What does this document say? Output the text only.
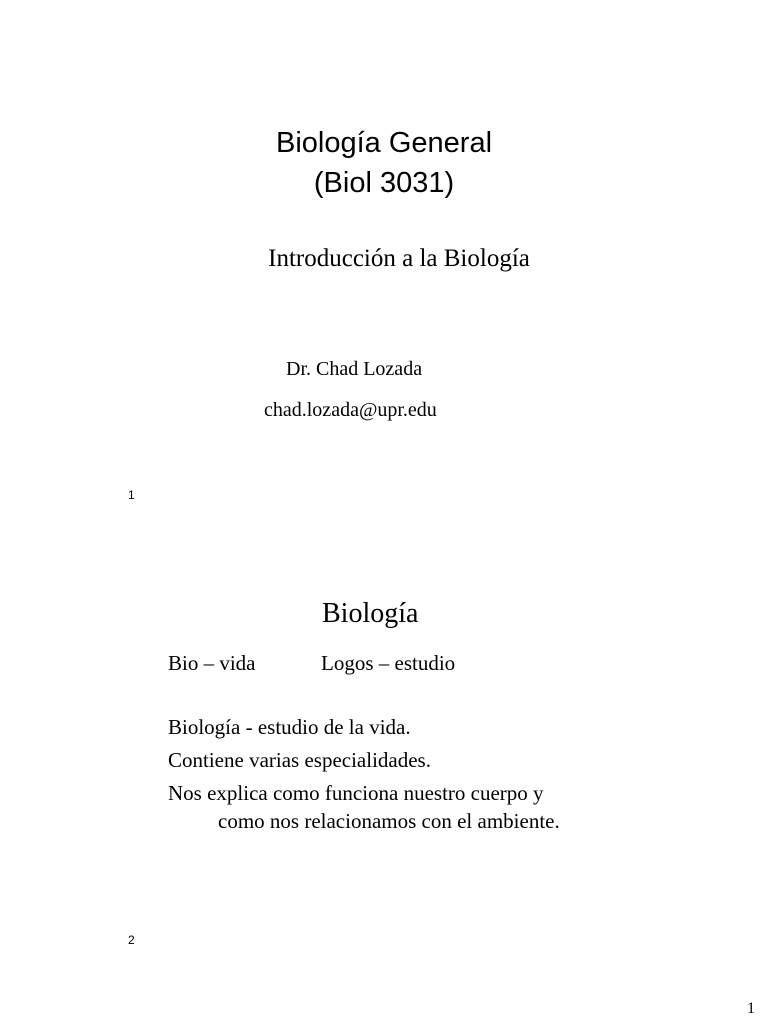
Biología General
(Biol 3031)
Introducción a la Biología
Dr. Chad Lozada
chad.lozada@upr.edu
1
Biología
Bio – vida	Logos – estudio
Biología - estudio de la vida.
Contiene varias especialidades.
Nos explica como funciona nuestro cuerpo y
como nos relacionamos con el ambiente.
2
1
